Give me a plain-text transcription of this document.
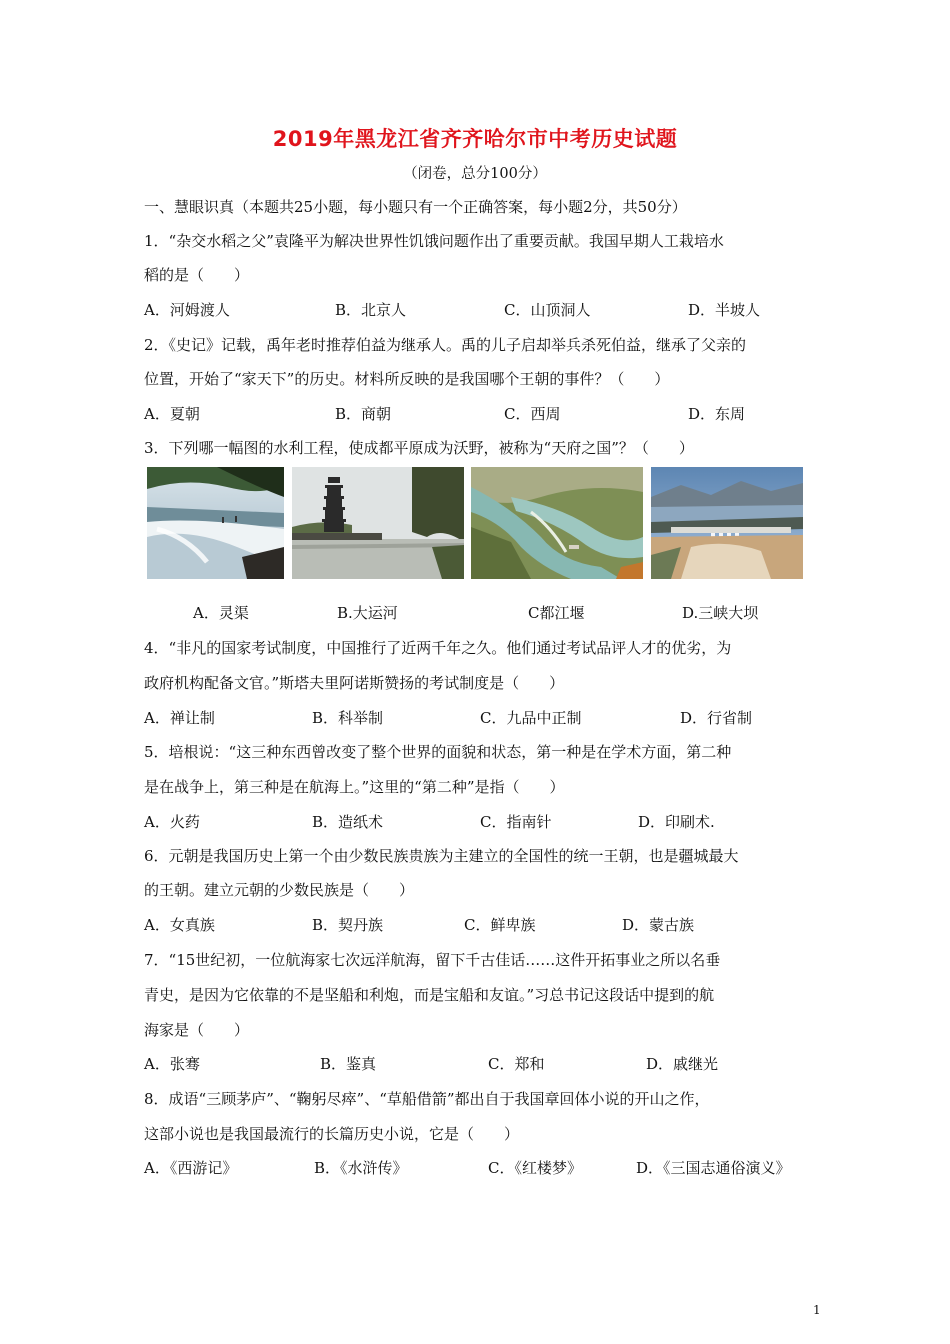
2019年黑龙江省齐齐哈尔市中考历史试题
（闭卷，总分100分）
一、慧眼识真（本题共25小题，每小题只有一个正确答案，每小题2分，共50分）
1．“杂交水稻之父”袁隆平为解决世界性饥饿问题作出了重要贡献。我国早期人工栽培水
稻的是（　　）
A．河姆渡人	B．北京人	C．山顶洞人	D．半坡人
2．《史记》记载，禹年老时推荐伯益为继承人。禹的儿子启却举兵杀死伯益，继承了父亲的
位置，开始了“家天下”的历史。材料所反映的是我国哪个王朝的事件？（　　）
A．夏朝	B．商朝	C．西周	D．东周
3．下列哪一幅图的水利工程，使成都平原成为沃野，被称为“天府之国”？（　　）
A．灵渠	B.大运河	C都江堰	D.三峡大坝
4．“非凡的国家考试制度，中国推行了近两千年之久。他们通过考试品评人才的优劣，为
政府机构配备文官。”斯塔夫里阿诺斯赞扬的考试制度是（　　）
A．禅让制	B．科举制	C．九品中正制	D．行省制
5．培根说：“这三种东西曾改变了整个世界的面貌和状态，第一种是在学术方面，第二种
是在战争上，第三种是在航海上。”这里的“第二种”是指（　　）
A．火药	B．造纸术	C．指南针	D．印刷术.
6．元朝是我国历史上第一个由少数民族贵族为主建立的全国性的统一王朝，也是疆城最大
的王朝。建立元朝的少数民族是（　　）
A．女真族	B．契丹族	C．鲜卑族	D．蒙古族
7．“15世纪初，一位航海家七次远洋航海，留下千古佳话……这件开拓事业之所以名垂
青史，是因为它依靠的不是坚船和利炮，而是宝船和友谊。”习总书记这段话中提到的航
海家是（　　）
A．张骞	B．鉴真	C．郑和	D．戚继光
8．成语“三顾茅庐”、“鞠躬尽瘁”、“草船借箭”都出自于我国章回体小说的开山之作，
这部小说也是我国最流行的长篇历史小说，它是（　　）
A．《西游记》	B．《水浒传》	C．《红楼梦》	D．《三国志通俗演义》
1
